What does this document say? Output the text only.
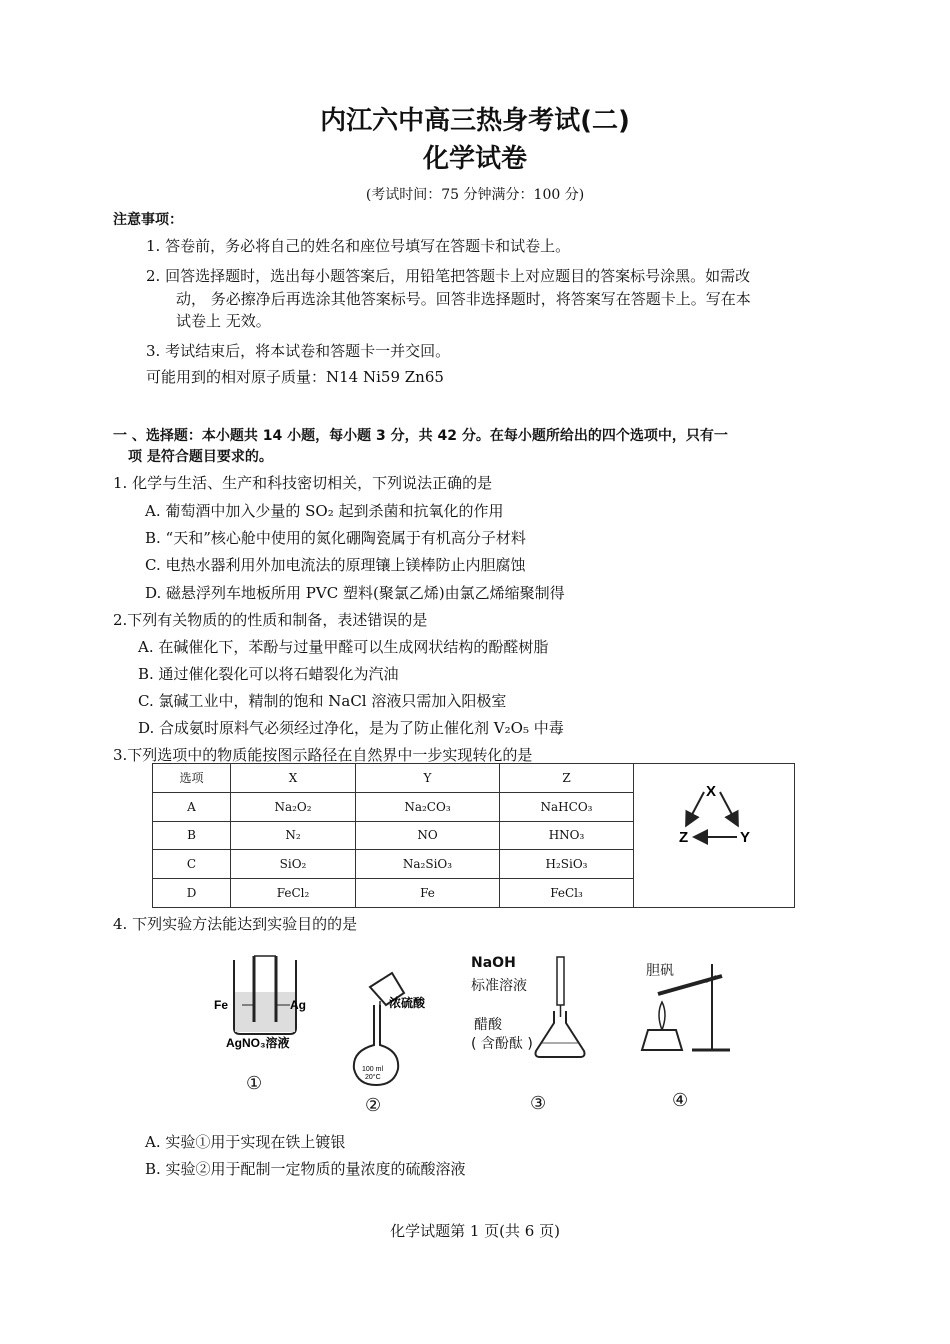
内江六中高三热身考试(二)
化学试卷
(考试时间：75 分钟满分：100 分)
注意事项：
1. 答卷前，务必将自己的姓名和座位号填写在答题卡和试卷上。
2. 回答选择题时，选出每小题答案后，用铅笔把答题卡上对应题目的答案标号涂黑。如需改
动， 务必擦净后再选涂其他答案标号。回答非选择题时，将答案写在答题卡上。写在本
试卷上 无效。
3. 考试结束后，将本试卷和答题卡一并交回。
可能用到的相对原子质量：N14 Ni59 Zn65
一 、选择题：本小题共 14 小题，每小题 3 分，共 42 分。在每小题所给出的四个选项中，只有一
项 是符合题目要求的。
1. 化学与生活、生产和科技密切相关，下列说法正确的是
A. 葡萄酒中加入少量的 SO₂ 起到杀菌和抗氧化的作用
B. “天和”核心舱中使用的氮化硼陶瓷属于有机高分子材料
C. 电热水器利用外加电流法的原理镶上镁棒防止内胆腐蚀
D. 磁悬浮列车地板所用 PVC 塑料(聚氯乙烯)由氯乙烯缩聚制得
2.下列有关物质的的性质和制备，表述错误的是
A. 在碱催化下，苯酚与过量甲醛可以生成网状结构的酚醛树脂
B. 通过催化裂化可以将石蜡裂化为汽油
C. 氯碱工业中，精制的饱和 NaCl 溶液只需加入阳极室
D. 合成氨时原料气必须经过净化，是为了防止催化剂 V₂O₅ 中毒
3.下列选项中的物质能按图示路径在自然界中一步实现转化的是
选项	X	Y	Z	X
Z Y

A	Na₂O₂	Na₂CO₃	NaHCO₃	
B	N₂	NO	HNO₃	
C	SiO₂	Na₂SiO₃	H₂SiO₃	
D	FeCl₂	Fe	FeCl₃	
4. 下列实验方法能达到实验目的的是
Fe	Ag
AgNO₃溶液
①
浓硫酸
100 ml
20°C
②
NaOH
标准溶液
醋酸
( 含酚酞 )
③
胆矾
④
A. 实验①用于实现在铁上镀银
B. 实验②用于配制一定物质的量浓度的硫酸溶液
化学试题第 1 页(共 6 页)
